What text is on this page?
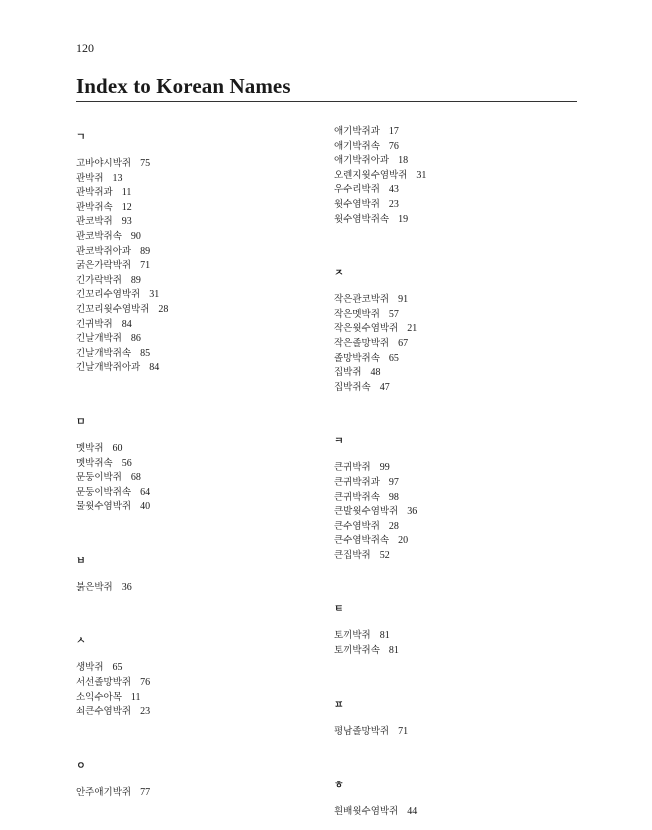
120
Index to Korean Names
ㄱ
고바야시박쥐 75
관박쥐 13
관박쥐과 11
관박쥐속 12
관코박쥐 93
관코박쥐속 90
관코박쥐아과 89
굵은가락박쥐 71
긴가락박쥐 89
긴꼬리수염박쥐 31
긴꼬리윗수염박쥐 28
긴귀박쥐 84
긴날개박쥐 86
긴날개박쥐속 85
긴날개박쥐아과 84
ㅁ
멧박쥐 60
멧박쥐속 56
문둥이박쥐 68
문둥이박쥐속 64
물윗수염박쥐 40
ㅂ
붉은박쥐 36
ㅅ
생박쥐 65
서선졸망박쥐 76
소익수아목 11
쇠큰수염박쥐 23
ㅇ
안주애기박쥐 77
애기박쥐과 17
애기박쥐속 76
애기박쥐아과 18
오렌지윗수염박쥐 31
우수리박쥐 43
윗수염박쥐 23
윗수염박쥐속 19
ㅈ
작은관코박쥐 91
작은멧박쥐 57
작은윗수염박쥐 21
작은졸망박쥐 67
졸망박쥐속 65
집박쥐 48
집박쥐속 47
ㅋ
큰귀박쥐 99
큰귀박쥐과 97
큰귀박쥐속 98
큰발윗수염박쥐 36
큰수염박쥐 28
큰수염박쥐속 20
큰집박쥐 52
ㅌ
토끼박쥐 81
토끼박쥐속 81
ㅍ
평남졸망박쥐 71
ㅎ
흰배윗수염박쥐 44
